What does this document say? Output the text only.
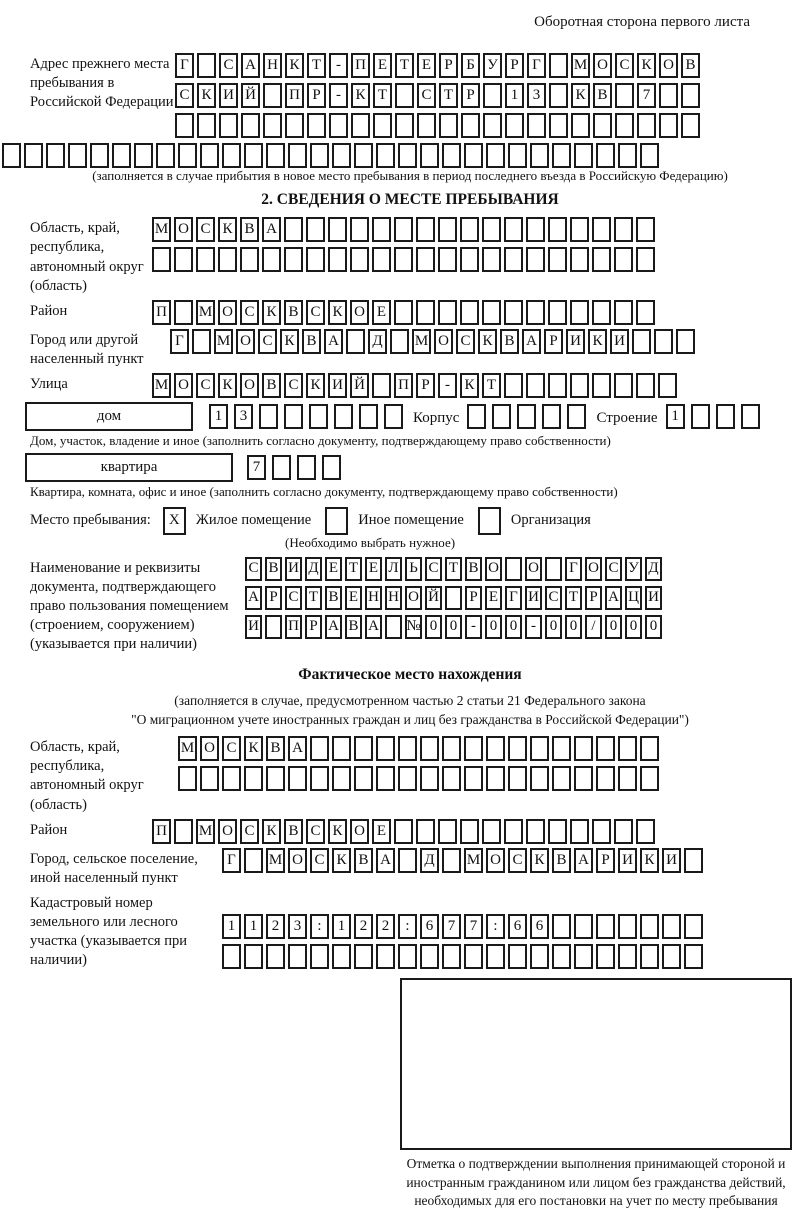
Оборотная сторона первого листа
Адрес прежнего места пребывания в Российской Федерации
Г	С А Н К Т - П Е Т Е Р Б У Р Г	М О С К О В
С К И Й П Р	- К Т	С Т Р	1 3	К В	7
(заполняется в случае прибытия в новое место пребывания в период последнего въезда в Российскую Федерацию)
2. СВЕДЕНИЯ О МЕСТЕ ПРЕБЫВАНИЯ
Область, край, республика, автономный округ (область)
М О С К В А
Район	П М О С К В С К О Е
Город или другой населенный пункт
Г	М О С К В А Д М О С К В А Р И К И
Улица	М О С К О В С К И Й П Р	- К Т
дом	1	3	Корпус	Строение 1
Дом, участок, владение и иное (заполнить согласно документу, подтверждающему право собственности)
квартира	7
Квартира, комната, офис и иное (заполнить согласно документу, подтверждающему право собственности)
Место пребывания:	X	Жилое помещение	Иное помещение	Организация
(Необходимо выбрать нужное)
Наименование и реквизиты документа, подтверждающего право пользования помещением (строением, сооружением) (указывается при наличии)
С В И Д Е Т Е Л Ь С Т В О О Г О С У Д
А Р С Т В Е Н Н О Й Р Е Г И С Т Р А Ц И
И П Р А В А № 0 0 - 0 0 - 0 0 / 0 0 0
Фактическое место нахождения
(заполняется в случае, предусмотренном частью 2 статьи 21 Федерального закона
"О миграционном учете иностранных граждан и лиц без гражданства в Российской Федерации")
Область, край, республика, автономный округ (область)
М О С К В А
Район	П М О С К В С К О Е
Город, сельское поселение, иной населенный пункт
Г	М О С К В А Д М О С К В А Р И К И
Кадастровый номер земельного или лесного участка (указывается при наличии)
1 1 2 3	:	1 2 2	:	6 7 7	:	6 6
Отметка о подтверждении выполнения принимающей стороной и иностранным гражданином или лицом без гражданства действий, необходимых для его постановки на учет по месту пребывания
